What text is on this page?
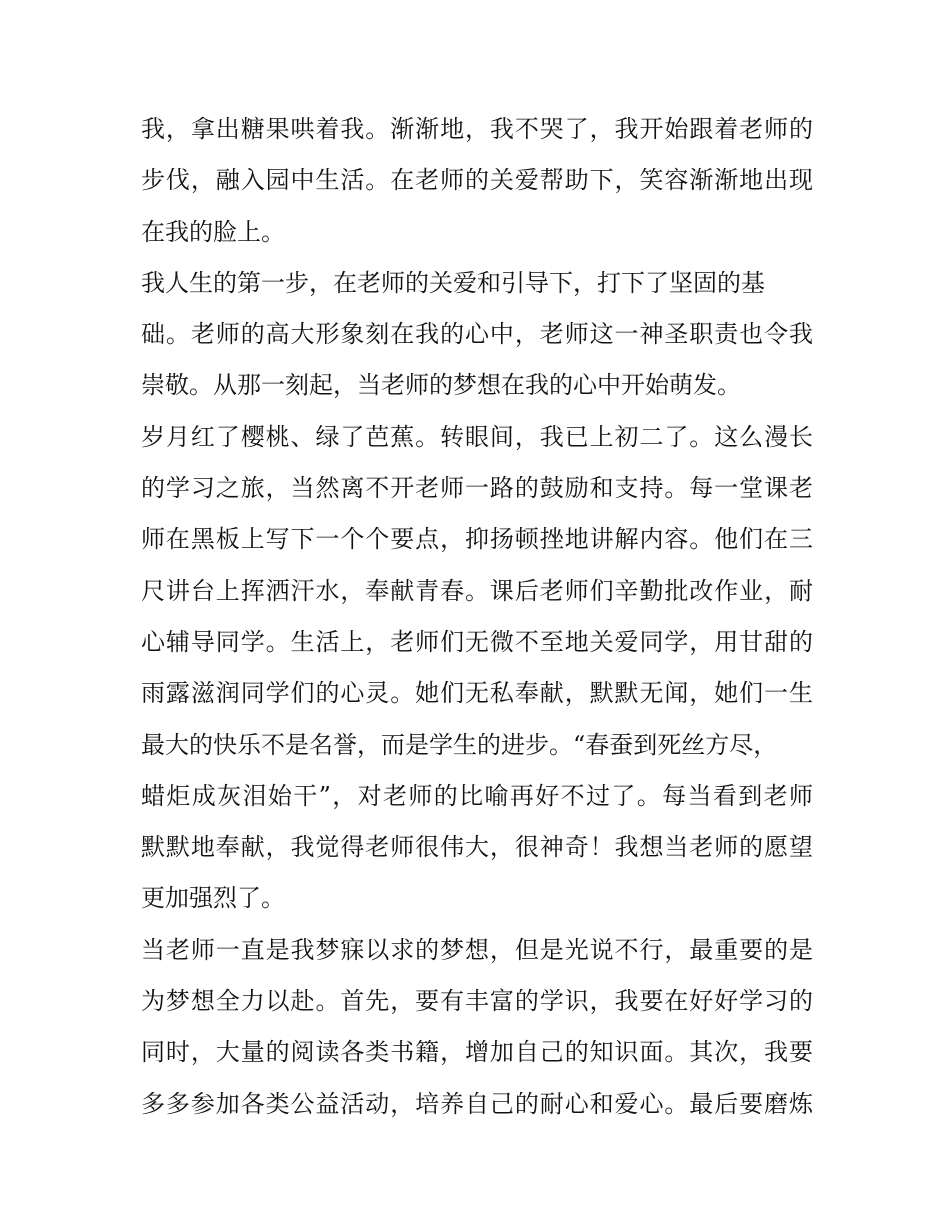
我，拿出糖果哄着我。渐渐地，我不哭了，我开始跟着老师的
步伐，融入园中生活。在老师的关爱帮助下，笑容渐渐地出现
在我的脸上。
我人生的第一步，在老师的关爱和引导下，打下了坚固的基
础。老师的高大形象刻在我的心中，老师这一神圣职责也令我
崇敬。从那一刻起，当老师的梦想在我的心中开始萌发。
岁月红了樱桃、绿了芭蕉。转眼间，我已上初二了。这么漫长
的学习之旅，当然离不开老师一路的鼓励和支持。每一堂课老
师在黑板上写下一个个要点，抑扬顿挫地讲解内容。他们在三
尺讲台上挥洒汗水，奉献青春。课后老师们辛勤批改作业，耐
心辅导同学。生活上，老师们无微不至地关爱同学，用甘甜的
雨露滋润同学们的心灵。她们无私奉献，默默无闻，她们一生
最大的快乐不是名誉，而是学生的进步。“春蚕到死丝方尽，
蜡炬成灰泪始干”，对老师的比喻再好不过了。每当看到老师
默默地奉献，我觉得老师很伟大，很神奇！我想当老师的愿望
更加强烈了。
当老师一直是我梦寐以求的梦想，但是光说不行，最重要的是
为梦想全力以赴。首先，要有丰富的学识，我要在好好学习的
同时，大量的阅读各类书籍，增加自己的知识面。其次，我要
多多参加各类公益活动，培养自己的耐心和爱心。最后要磨炼
